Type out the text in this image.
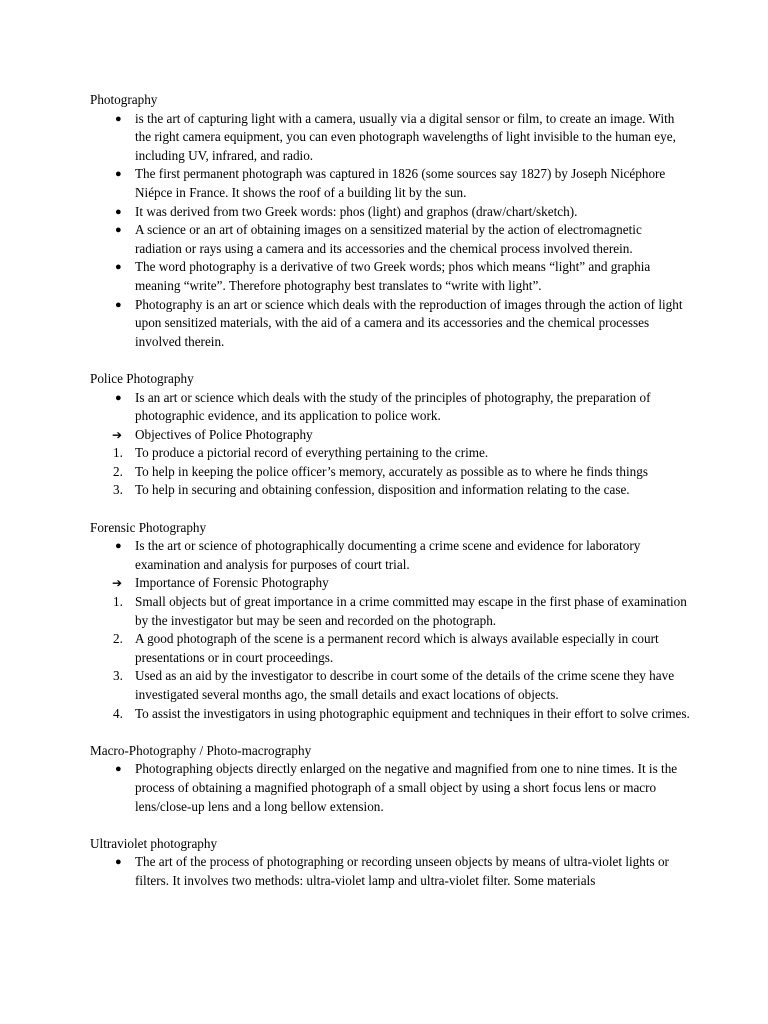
Photography
●	is the art of capturing light with a camera, usually via a digital sensor or film, to create an image. With the right camera equipment, you can even photograph wavelengths of light invisible to the human eye, including UV, infrared, and radio.
●	The first permanent photograph was captured in 1826 (some sources say 1827) by Joseph Nicéphore Niépce in France. It shows the roof of a building lit by the sun.
●	It was derived from two Greek words: phos (light) and graphos (draw/chart/sketch).
●	A science or an art of obtaining images on a sensitized material by the action of electromagnetic radiation or rays using a camera and its accessories and the chemical process involved therein.
●	The word photography is a derivative of two Greek words; phos which means “light” and graphia meaning “write”. Therefore photography best translates to “write with light”.
●	Photography is an art or science which deals with the reproduction of images through the action of light upon sensitized materials, with the aid of a camera and its accessories and the chemical processes involved therein.
Police Photography
●	Is an art or science which deals with the study of the principles of photography, the preparation of photographic evidence, and its application to police work.
➔ Objectives of Police Photography
1. To produce a pictorial record of everything pertaining to the crime.
2. To help in keeping the police officer’s memory, accurately as possible as to where he finds things
3. To help in securing and obtaining confession, disposition and information relating to the case.
Forensic Photography
●	Is the art or science of photographically documenting a crime scene and evidence for laboratory examination and analysis for purposes of court trial.
➔ Importance of Forensic Photography
1. Small objects but of great importance in a crime committed may escape in the first phase of examination by the investigator but may be seen and recorded on the photograph.
2. A good photograph of the scene is a permanent record which is always available especially in court presentations or in court proceedings.
3. Used as an aid by the investigator to describe in court some of the details of the crime scene they have investigated several months ago, the small details and exact locations of objects.
4. To assist the investigators in using photographic equipment and techniques in their effort to solve crimes.
Macro-Photography / Photo-macrography
●	Photographing objects directly enlarged on the negative and magnified from one to nine times. It is the process of obtaining a magnified photograph of a small object by using a short focus lens or macro lens/close-up lens and a long bellow extension.
Ultraviolet photography
●	The art of the process of photographing or recording unseen objects by means of ultra-violet lights or filters. It involves two methods: ultra-violet lamp and ultra-violet filter. Some materials
